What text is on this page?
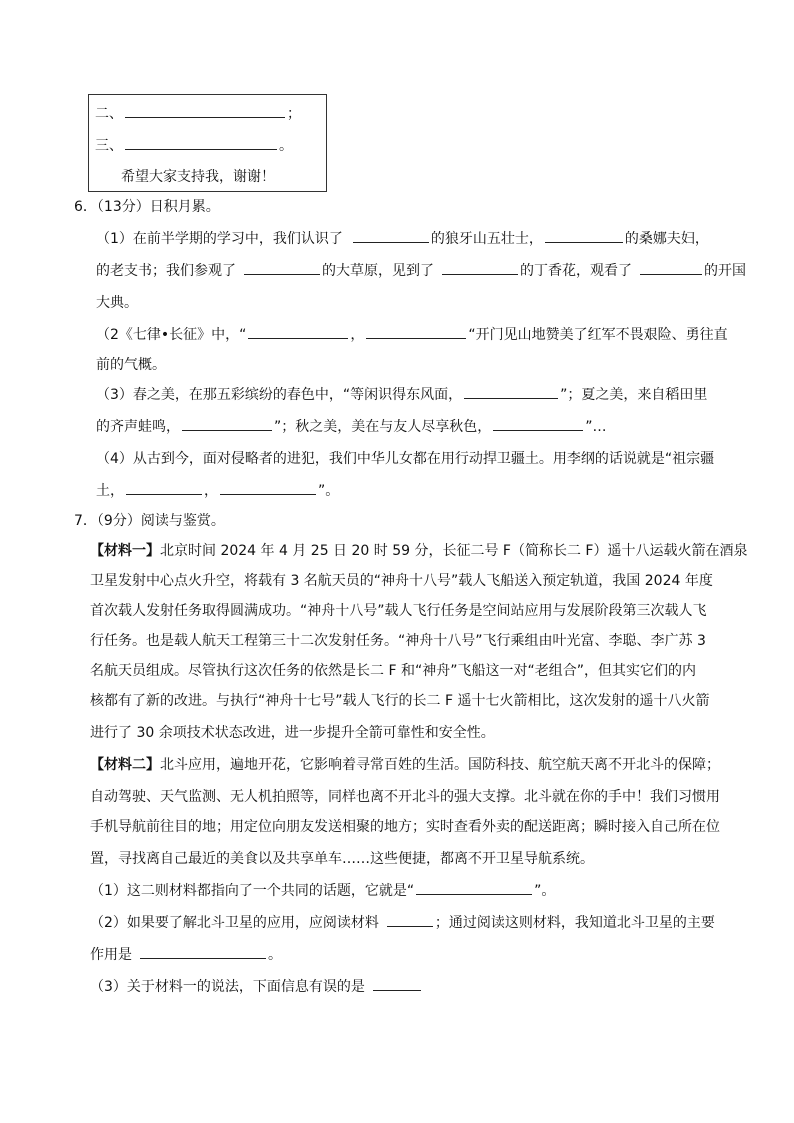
二、	；
三、	。
希望大家支持我，谢谢！
6．（13分）日积月累。
（1）在前半学期的学习中，我们认识了	的狼牙山五壮士，	的桑娜夫妇，
的老支书；我们参观了	的大草原，见到了	的丁香花，观看了	的开国
大典。
（2《七律•长征》中，“	，	“开门见山地赞美了红军不畏艰险、勇往直
前的气概。
（3）春之美，在那五彩缤纷的春色中，“等闲识得东风面，	”；夏之美，来自稻田里
的齐声蛙鸣，	”；秋之美，美在与友人尽享秋色，	”…
（4）从古到今，面对侵略者的进犯，我们中华儿女都在用行动捍卫疆土。用李纲的话说就是“祖宗疆
土，	，	”。
7．（9分）阅读与鉴赏。
【材料一】北京时间 2024 年 4 月 25 日 20 时 59 分，长征二号 F（简称长二 F）遥十八运载火箭在酒泉
卫星发射中心点火升空，将载有 3 名航天员的“神舟十八号”载人飞船送入预定轨道，我国 2024 年度
首次载人发射任务取得圆满成功。“神舟十八号”载人飞行任务是空间站应用与发展阶段第三次载人飞
行任务。也是载人航天工程第三十二次发射任务。“神舟十八号”飞行乘组由叶光富、李聪、李广苏 3
名航天员组成。尽管执行这次任务的依然是长二 F 和“神舟”飞船这一对“老组合”，但其实它们的内
核都有了新的改进。与执行“神舟十七号”载人飞行的长二 F 遥十七火箭相比，这次发射的遥十八火箭
进行了 30 余项技术状态改进，进一步提升全箭可靠性和安全性。
【材料二】北斗应用，遍地开花，它影响着寻常百姓的生活。国防科技、航空航天离不开北斗的保障；
自动驾驶、天气监测、无人机拍照等，同样也离不开北斗的强大支撑。北斗就在你的手中！我们习惯用
手机导航前往目的地；用定位向朋友发送相聚的地方；实时查看外卖的配送距离；瞬时接入自己所在位
置，寻找离自己最近的美食以及共享单车……这些便捷，都离不开卫星导航系统。
（1）这二则材料都指向了一个共同的话题，它就是“	”。
（2）如果要了解北斗卫星的应用，应阅读材料	；通过阅读这则材料，我知道北斗卫星的主要
作用是	。
（3）关于材料一的说法，下面信息有误的是
